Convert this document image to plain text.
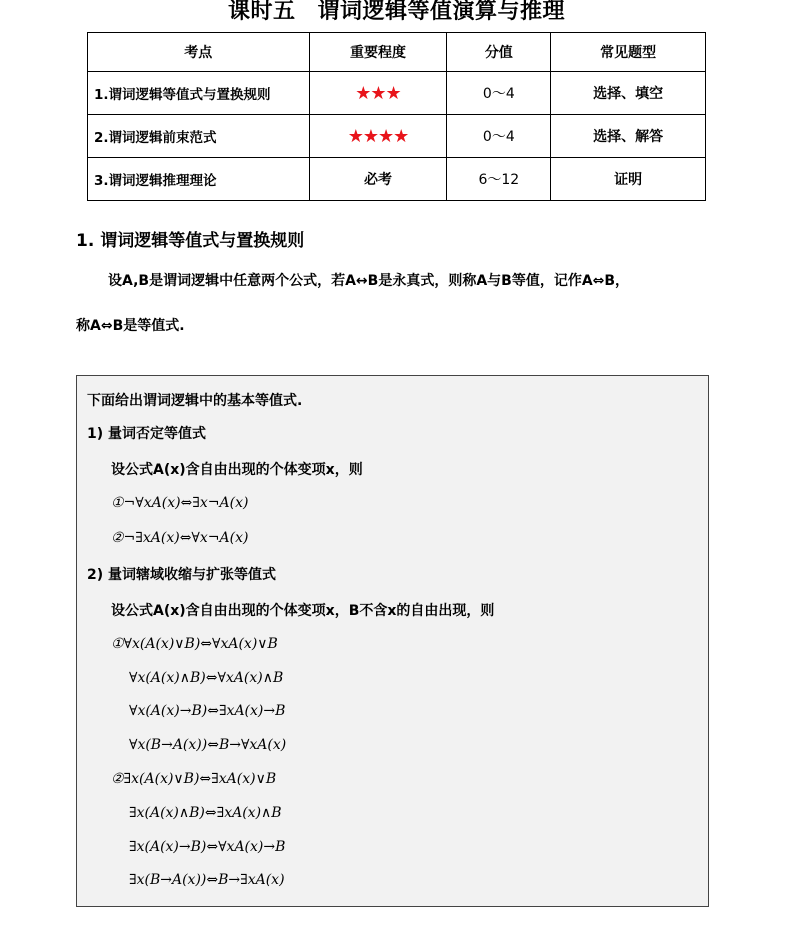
课时五 谓词逻辑等值演算与推理
考点	重要程度	分值	常见题型
1.谓词逻辑等值式与置换规则	★★★	0～4	选择、填空
2.谓词逻辑前束范式	★★★★	0～4	选择、解答
3.谓词逻辑推理理论	必考	6～12	证明
1. 谓词逻辑等值式与置换规则
设A,B是谓词逻辑中任意两个公式，若A↔B是永真式，则称A与B等值，记作A⇔B，
称A⇔B是等值式.
下面给出谓词逻辑中的基本等值式.
1) 量词否定等值式
设公式A(x)含自由出现的个体变项x，则
①¬∀xA(x)⇔∃x¬A(x)
②¬∃xA(x)⇔∀x¬A(x)
2) 量词辖域收缩与扩张等值式
设公式A(x)含自由出现的个体变项x，B不含x的自由出现，则
①∀x(A(x)∨B)⇔∀xA(x)∨B
∀x(A(x)∧B)⇔∀xA(x)∧B
∀x(A(x)→B)⇔∃xA(x)→B
∀x(B→A(x))⇔B→∀xA(x)
②∃x(A(x)∨B)⇔∃xA(x)∨B
∃x(A(x)∧B)⇔∃xA(x)∧B
∃x(A(x)→B)⇔∀xA(x)→B
∃x(B→A(x))⇔B→∃xA(x)
